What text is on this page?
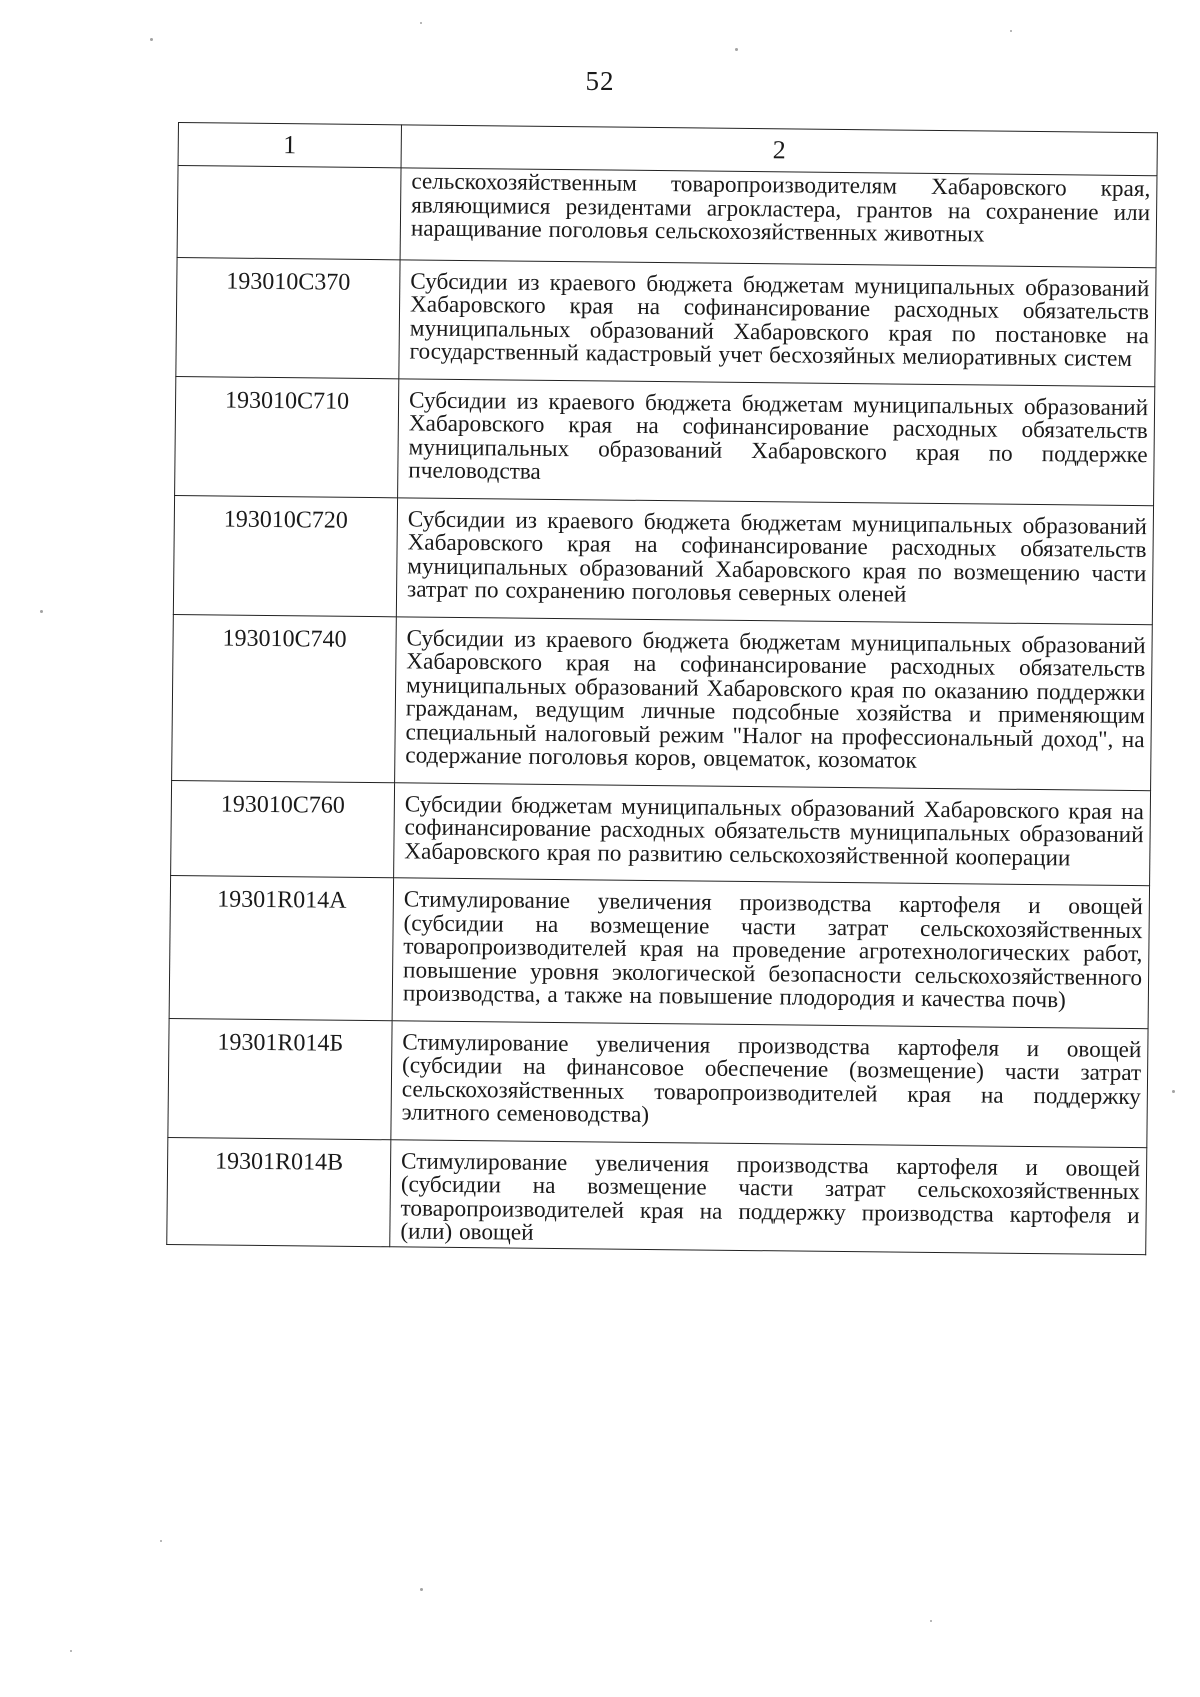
52
1	2
	сельскохозяйственным товаропроизводителям Хабаровского края, являющимися резидентами агрокластера, грантов на сохранение или наращивание поголовья сельскохозяйственных животных
193010С370	Субсидии из краевого бюджета бюджетам муниципальных образований Хабаровского края на софинансирование расходных обязательств муниципальных образований Хабаровского края по постановке на государственный кадастровый учет бесхозяйных мелиоративных систем
193010С710	Субсидии из краевого бюджета бюджетам муниципальных образований Хабаровского края на софинансирование расходных обязательств муниципальных образований Хабаровского края по поддержке пчеловодства
193010С720	Субсидии из краевого бюджета бюджетам муниципальных образований Хабаровского края на софинансирование расходных обязательств муниципальных образований Хабаровского края по возмещению части затрат по сохранению поголовья северных оленей
193010С740	Субсидии из краевого бюджета бюджетам муниципальных образований Хабаровского края на софинансирование расходных обязательств муниципальных образований Хабаровского края по оказанию поддержки гражданам, ведущим личные подсобные хозяйства и применяющим специальный налоговый режим "Налог на профессиональный доход", на содержание поголовья коров, овцематок, козоматок
193010С760	Субсидии бюджетам муниципальных образований Хабаровского края на софинансирование расходных обязательств муниципальных образований Хабаровского края по развитию сельскохозяйственной кооперации
19301R014А	Стимулирование увеличения производства картофеля и овощей (субсидии на возмещение части затрат сельскохозяйственных товаропроизводителей края на проведение агротехнологических работ, повышение уровня экологической безопасности сельскохозяйственного производства, а также на повышение плодородия и качества почв)
19301R014Б	Стимулирование увеличения производства картофеля и овощей (субсидии на финансовое обеспечение (возмещение) части затрат сельскохозяйственных товаропроизводителей края на поддержку элитного семеноводства)
19301R014В	Стимулирование увеличения производства картофеля и овощей (субсидии на возмещение части затрат сельскохозяйственных товаропроизводителей края на поддержку производства картофеля и (или) овощей
